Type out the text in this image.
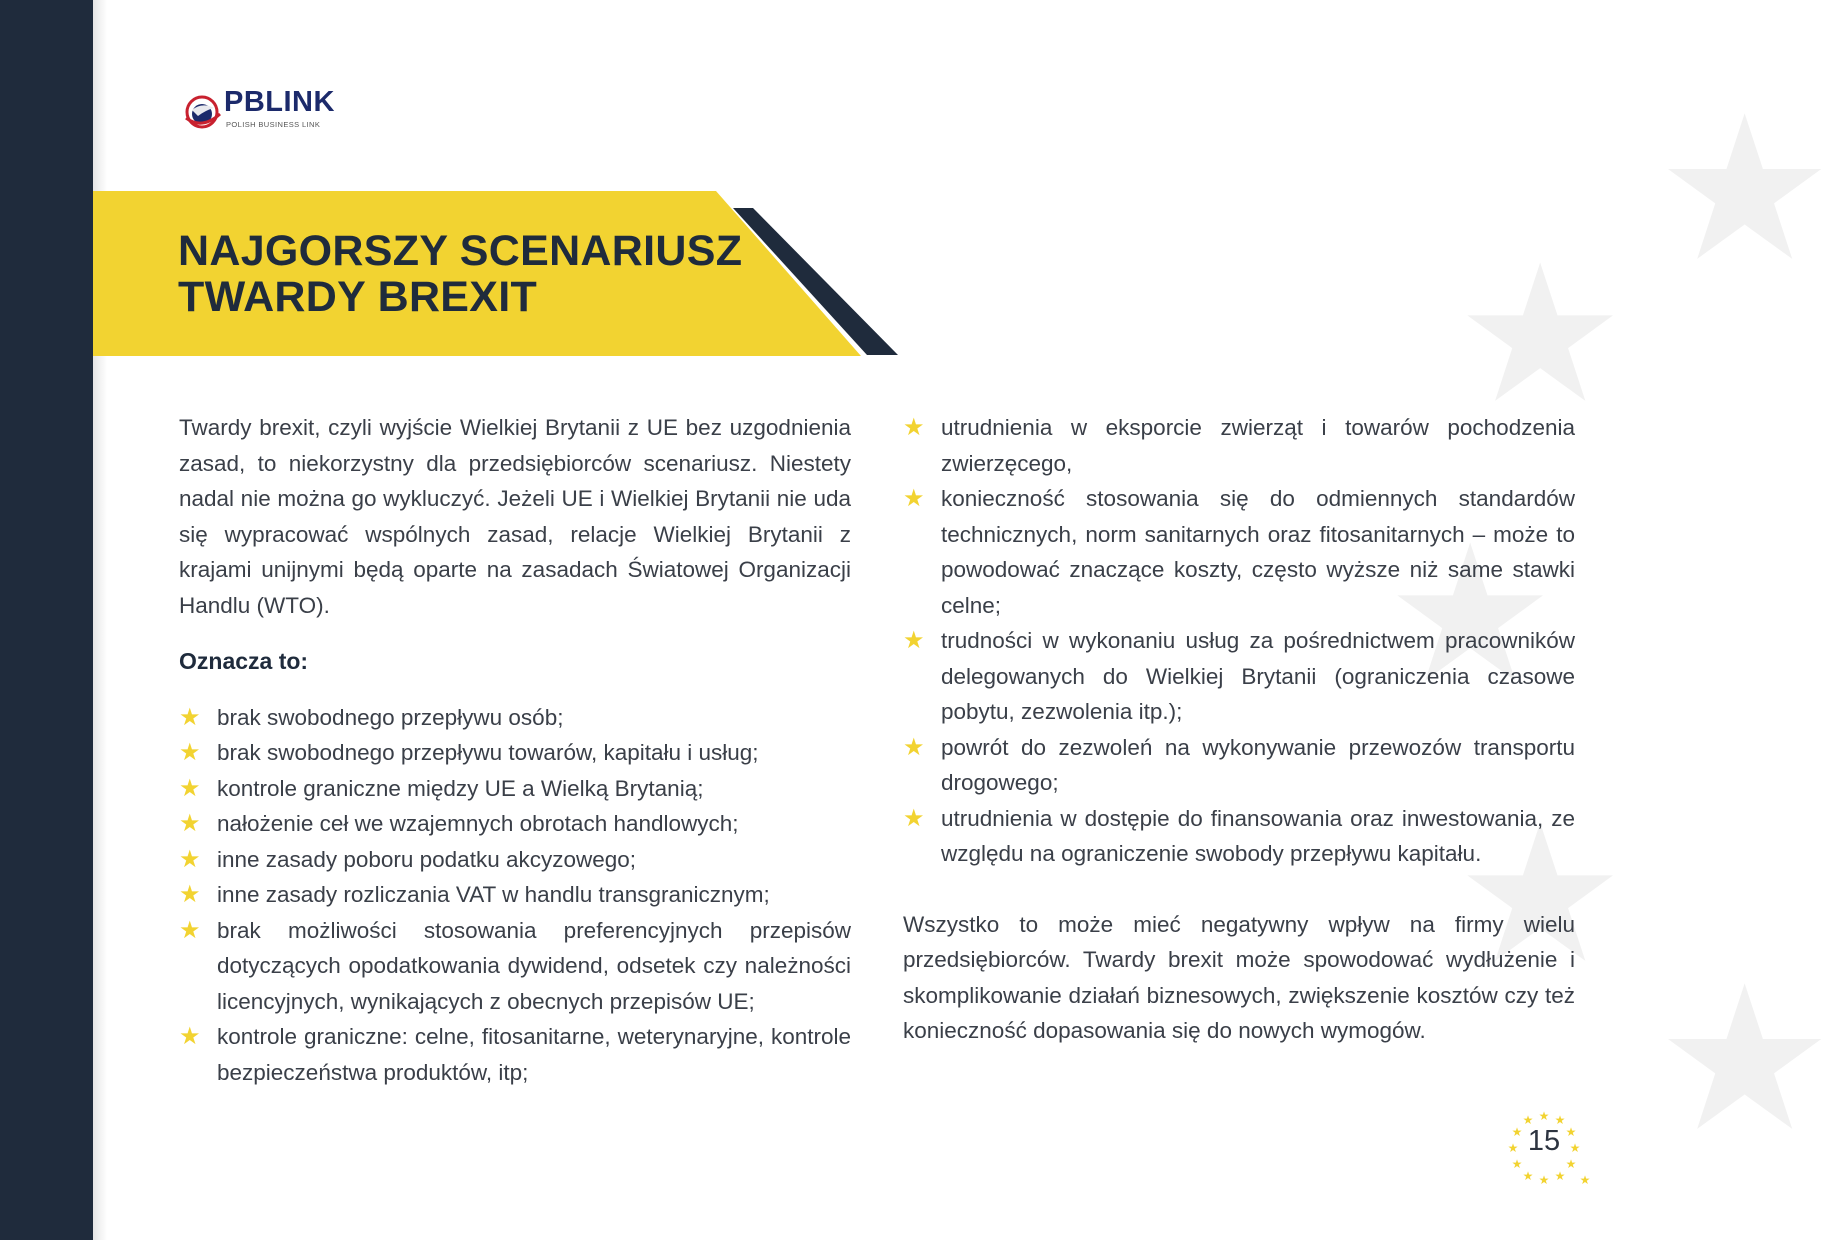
★
★
★
★
★
PBLINK
POLISH BUSINESS LINK
NAJGORSZY SCENARIUSZ
TWARDY BREXIT

Twardy brexit, czyli wyjście Wielkiej Brytanii z UE bez uzgodnienia zasad, to niekorzystny dla przedsiębiorców scenariusz. Niestety nadal nie można go wykluczyć. Jeżeli UE i Wielkiej Brytanii nie uda się wypracować wspólnych zasad, relacje Wielkiej Brytanii z krajami unijnymi będą oparte na zasadach Światowej Organizacji Handlu (WTO).

Oznacza to:

★ brak swobodnego przepływu osób;
★ brak swobodnego przepływu towarów, kapitału i usług;
★ kontrole graniczne między UE a Wielką Brytanią;
★ nałożenie ceł we wzajemnych obrotach handlowych;
★ inne zasady poboru podatku akcyzowego;
★ inne zasady rozliczania VAT w handlu transgranicznym;
★ brak możliwości stosowania preferencyjnych przepisów dotyczących opodatkowania dywidend, odsetek czy należności licencyjnych, wynikających z obecnych przepisów UE;
★ kontrole graniczne: celne, fitosanitarne, weterynaryjne, kontrole bezpieczeństwa produktów, itp;
★ utrudnienia w eksporcie zwierząt i towarów pochodzenia zwierzęcego,
★ konieczność stosowania się do odmiennych standardów technicznych, norm sanitarnych oraz fitosanitarnych – może to powodować znaczące koszty, często wyższe niż same stawki celne;
★ trudności w wykonaniu usług za pośrednictwem pracowników delegowanych do Wielkiej Brytanii (ograniczenia czasowe pobytu, zezwolenia itp.);
★ powrót do zezwoleń na wykonywanie przewozów transportu drogowego;
★ utrudnienia w dostępie do finansowania oraz inwestowania, ze względu na ograniczenie swobody przepływu kapitału.

Wszystko to może mieć negatywny wpływ na firmy wielu przedsiębiorców. Twardy brexit może spowodować wydłużenie i skomplikowanie działań biznesowych, zwiększenie kosztów czy też konieczność dopasowania się do nowych wymogów.

★ ★
★
★
★
★
★
★
★
★
★
★
★
15
